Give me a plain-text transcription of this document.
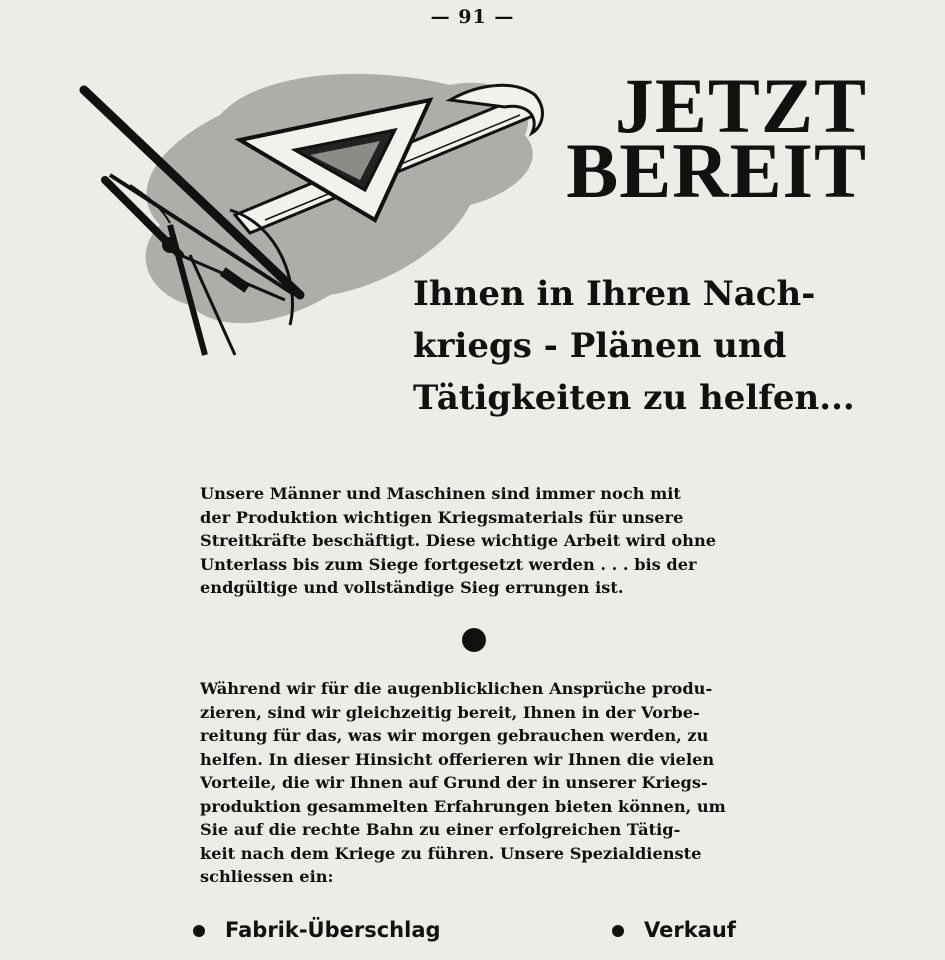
— 91 —
JETZT
BEREIT
Ihnen in Ihren Nach-
kriegs - Plänen und
Tätigkeiten zu helfen...
Unsere Männer und Maschinen sind immer noch mit
der Produktion wichtigen Kriegsmaterials für unsere
Streitkräfte beschäftigt. Diese wichtige Arbeit wird ohne
Unterlass bis zum Siege fortgesetzt werden . . . bis der
endgültige und vollständige Sieg errungen ist.
Während wir für die augenblicklichen Ansprüche produ-
zieren, sind wir gleichzeitig bereit, Ihnen in der Vorbe-
reitung für das, was wir morgen gebrauchen werden, zu
helfen. In dieser Hinsicht offerieren wir Ihnen die vielen
Vorteile, die wir Ihnen auf Grund der in unserer Kriegs-
produktion gesammelten Erfahrungen bieten können, um
Sie auf die rechte Bahn zu einer erfolgreichen Tätig-
keit nach dem Kriege zu führen. Unsere Spezialdienste
schliessen ein:
Fabrik-Überschlag	Verkauf
